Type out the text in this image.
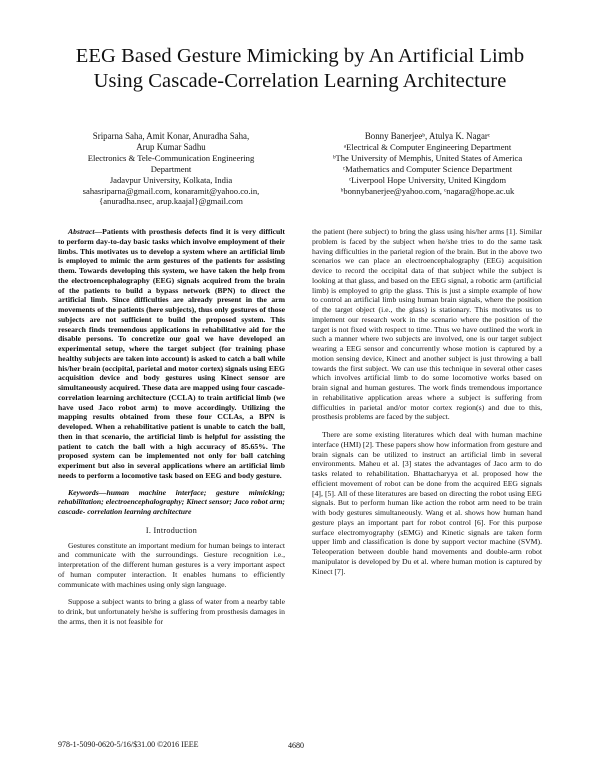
EEG Based Gesture Mimicking by An Artificial Limb
Using Cascade-Correlation Learning Architecture
Sriparna Saha, Amit Konar, Anuradha Saha,
Arup Kumar Sadhu
Electronics & Tele-Communication Engineering
Department
Jadavpur University, Kolkata, India
sahasriparna@gmail.com, konaramit@yahoo.co.in,
{anuradha.nsec, arup.kaajal}@gmail.com
Bonny Banerjeeᵇ, Atulya K. Nagarᶜ
ᵃElectrical & Computer Engineering Department
ᵇThe University of Memphis, United States of America
ᶜMathematics and Computer Science Department
ᶜLiverpool Hope University, United Kingdom
ᵇbonnybanerjee@yahoo.com, ᶜnagara@hope.ac.uk

Abstract—Patients with prosthesis defects find it is very difficult to perform day-to-day basic tasks which involve employment of their limbs. This motivates us to develop a system where an artificial limb is employed to mimic the arm gestures of the patients for assisting them. Towards developing this system, we have taken the help from the electroencephalography (EEG) signals acquired from the brain of the patients to build a bypass network (BPN) to direct the artificial limb. Since difficulties are already present in the arm movements of the patients (here subjects), thus only gestures of those subjects are not sufficient to build the proposed system. This research finds tremendous applications in rehabilitative aid for the disable persons. To concretize our goal we have developed an experimental setup, where the target subject (for training phase healthy subjects are taken into account) is asked to catch a ball while his/her brain (occipital, parietal and motor cortex) signals using EEG acquisition device and body gestures using Kinect sensor are simultaneously acquired. These data are mapped using four cascade-correlation learning architecture (CCLA) to train artificial limb (we have used Jaco robot arm) to move accordingly. Utilizing the mapping results obtained from these four CCLAs, a BPN is developed. When a rehabilitative patient is unable to catch the ball, then in that scenario, the artificial limb is helpful for assisting the patient to catch the ball with a high accuracy of 85.65%. The proposed system can be implemented not only for ball catching experiment but also in several applications where an artificial limb needs to perform a locomotive task based on EEG and body gesture.

Keywords—human machine interface; gesture mimicking; rehabilitation; electroencephalography; Kinect sensor; Jaco robot arm; cascade- correlation learning architecture

I. Introduction

Gestures constitute an important medium for human beings to interact and communicate with the surroundings. Gesture recognition i.e., interpretation of the different human gestures is a very important aspect of human computer interaction. It enables humans to efficiently communicate with machines using only sign language.

Suppose a subject wants to bring a glass of water from a nearby table to drink, but unfortunately he/she is suffering from prosthesis damages in the arms, then it is not feasible for

the patient (here subject) to bring the glass using his/her arms [1]. Similar problem is faced by the subject when he/she tries to do the same task having difficulties in the parietal region of the brain. But in the above two scenarios we can place an electroencephalography (EEG) acquisition device to record the occipital data of that subject while the subject is looking at that glass, and based on the EEG signal, a robotic arm (artificial limb) is employed to grip the glass. This is just a simple example of how to control an artificial limb using human brain signals, where the position of the target object (i.e., the glass) is stationary. This motivates us to implement our research work in the scenario where the position of the target is not fixed with respect to time. Thus we have outlined the work in such a manner where two subjects are involved, one is our target subject wearing a EEG sensor and concurrently whose motion is captured by a motion sensing device, Kinect and another subject is just throwing a ball towards the first subject. We can use this technique in several other cases which involves artificial limb to do some locomotive works based on brain signal and human gestures. The work finds tremendous importance in rehabilitative application areas where a subject is suffering from difficulties in parietal and/or motor cortex region(s) and due to this, prosthesis problems are faced by the subject.

There are some existing literatures which deal with human machine interface (HMI) [2]. These papers show how information from gesture and brain signals can be utilized to instruct an artificial limb in several environments. Maheu et al. [3] states the advantages of Jaco arm to do tasks related to rehabilitation. Bhattacharyya et al. proposed how the efficient movement of robot can be done from the acquired EEG signals [4], [5]. All of these literatures are based on directing the robot using EEG signals. But to perform human like action the robot arm need to be train with body gestures simultaneously. Wang et al. shows how human hand gesture plays an important part for robot control [6]. For this purpose surface electromyography (sEMG) and Kinetic signals are taken form upper limb and classification is done by support vector machine (SVM). Teleoperation between double hand movements and double-arm robot manipulator is developed by Du et al. where human motion is captured by Kinect [7].

978-1-5090-0620-5/16/$31.00 ©2016 IEEE	4680
